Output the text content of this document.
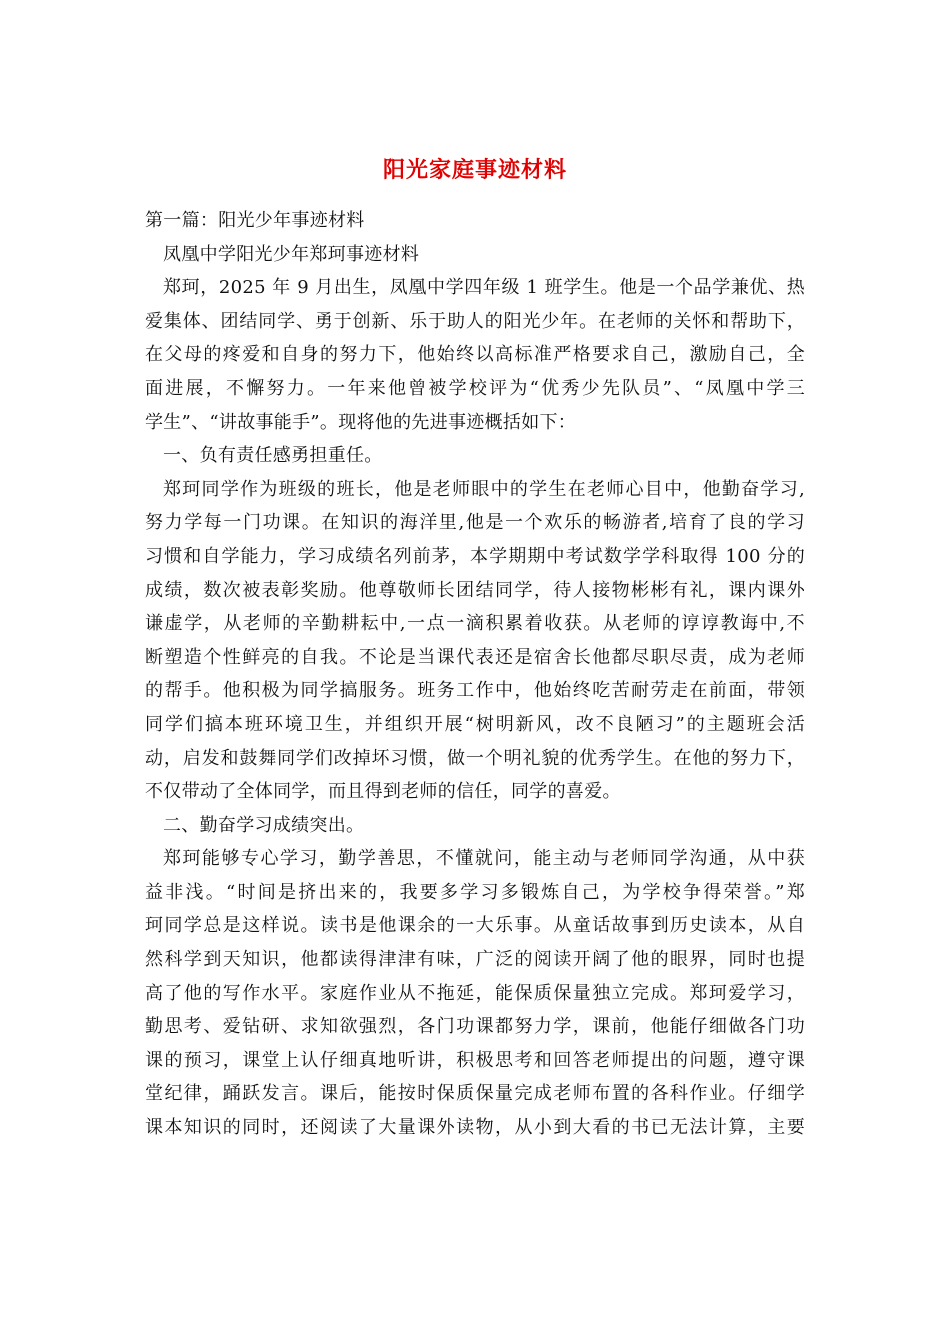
阳光家庭事迹材料

第一篇：阳光少年事迹材料

凤凰中学阳光少年郑珂事迹材料

郑珂，2025 年 9 月出生，凤凰中学四年级 1 班学生。他是一个品学兼优、热

爱集体、团结同学、勇于创新、乐于助人的阳光少年。在老师的关怀和帮助下，

在父母的疼爱和自身的努力下，他始终以高标准严格要求自己，激励自己，全

面进展，不懈努力。一年来他曾被学校评为“优秀少先队员”、“凤凰中学三

学生”、“讲故事能手”。现将他的先进事迹概括如下：

一、负有责任感勇担重任。

郑珂同学作为班级的班长，他是老师眼中的学生在老师心目中，他勤奋学习,

努力学每一门功课。在知识的海洋里,他是一个欢乐的畅游者,培育了良的学习

习惯和自学能力，学习成绩名列前茅，本学期期中考试数学学科取得 100 分的

成绩，数次被表彰奖励。他尊敬师长团结同学，待人接物彬彬有礼，课内课外

谦虚学，从老师的辛勤耕耘中,一点一滴积累着收获。从老师的谆谆教诲中,不

断塑造个性鲜亮的自我。不论是当课代表还是宿舍长他都尽职尽责，成为老师

的帮手。他积极为同学搞服务。班务工作中，他始终吃苦耐劳走在前面，带领

同学们搞本班环境卫生，并组织开展“树明新风，改不良陋习”的主题班会活

动，启发和鼓舞同学们改掉坏习惯，做一个明礼貌的优秀学生。在他的努力下，

不仅带动了全体同学，而且得到老师的信任，同学的喜爱。

二、勤奋学习成绩突出。

郑珂能够专心学习，勤学善思，不懂就问，能主动与老师同学沟通，从中获

益非浅。“时间是挤出来的，我要多学习多锻炼自己，为学校争得荣誉。”郑

珂同学总是这样说。读书是他课余的一大乐事。从童话故事到历史读本，从自

然科学到天知识，他都读得津津有味，广泛的阅读开阔了他的眼界，同时也提

高了他的写作水平。家庭作业从不拖延，能保质保量独立完成。郑珂爱学习，

勤思考、爱钻研、求知欲强烈，各门功课都努力学，课前，他能仔细做各门功

课的预习，课堂上认仔细真地听讲，积极思考和回答老师提出的问题，遵守课

堂纪律，踊跃发言。课后，能按时保质保量完成老师布置的各科作业。仔细学

课本知识的同时，还阅读了大量课外读物，从小到大看的书已无法计算，主要
